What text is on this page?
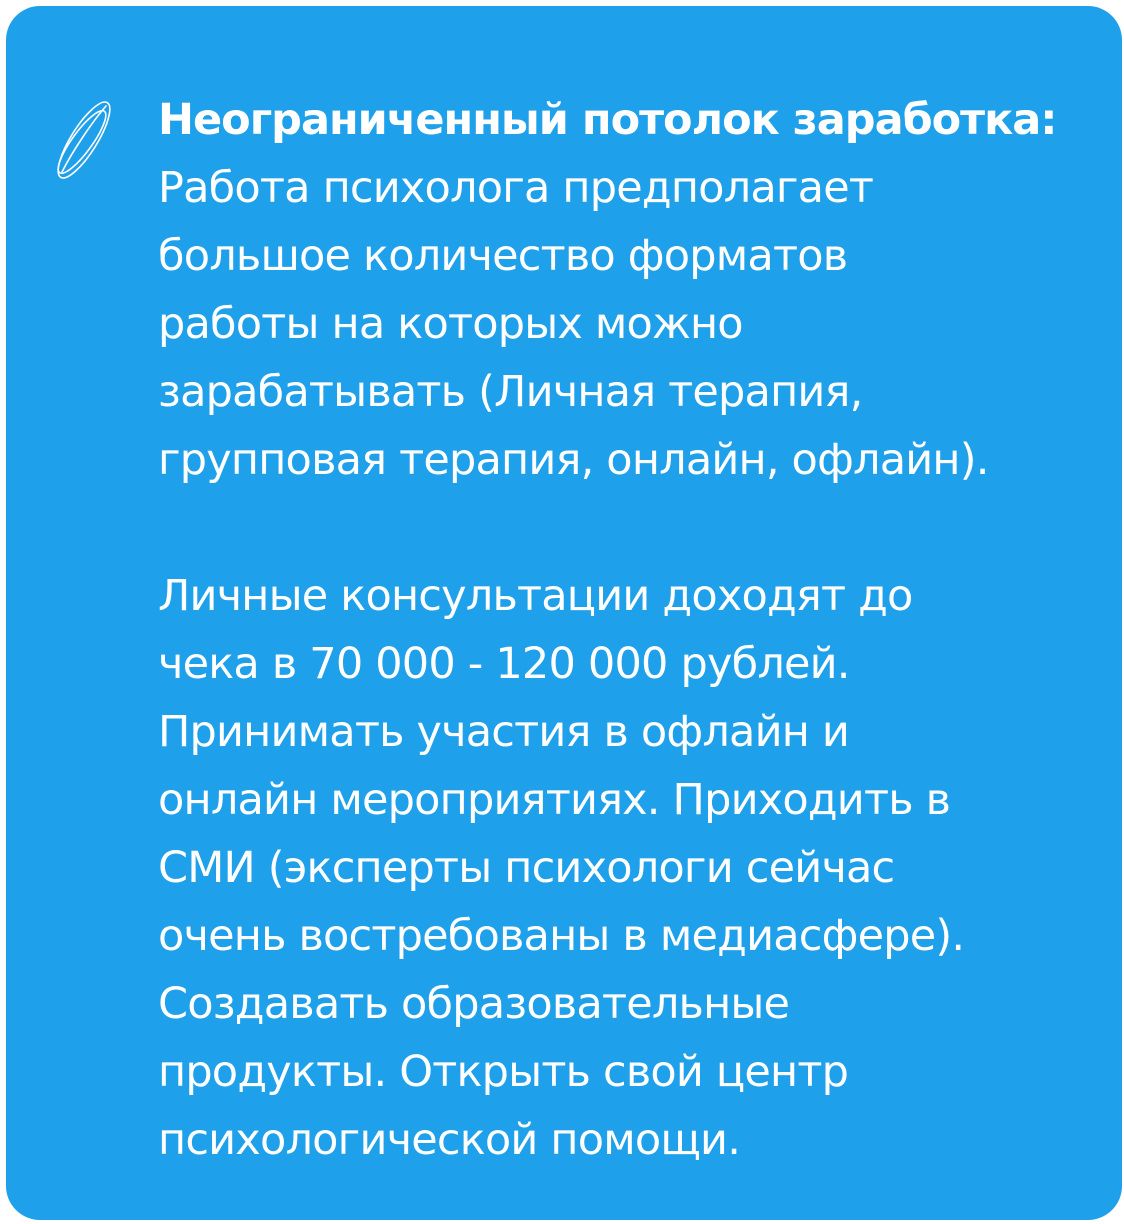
Неограниченный потолок заработка:

Работа психолога предполагает
большое количество форматов
работы на которых можно
зарабатывать (Личная терапия,
групповая терапия, онлайн, офлайн).

Личные консультации доходят до
чека в 70 000 - 120 000 рублей.
Принимать участия в офлайн и
онлайн мероприятиях. Приходить в
СМИ (эксперты психологи сейчас
очень востребованы в медиасфере).
Создавать образовательные
продукты. Открыть свой центр
психологической помощи.
